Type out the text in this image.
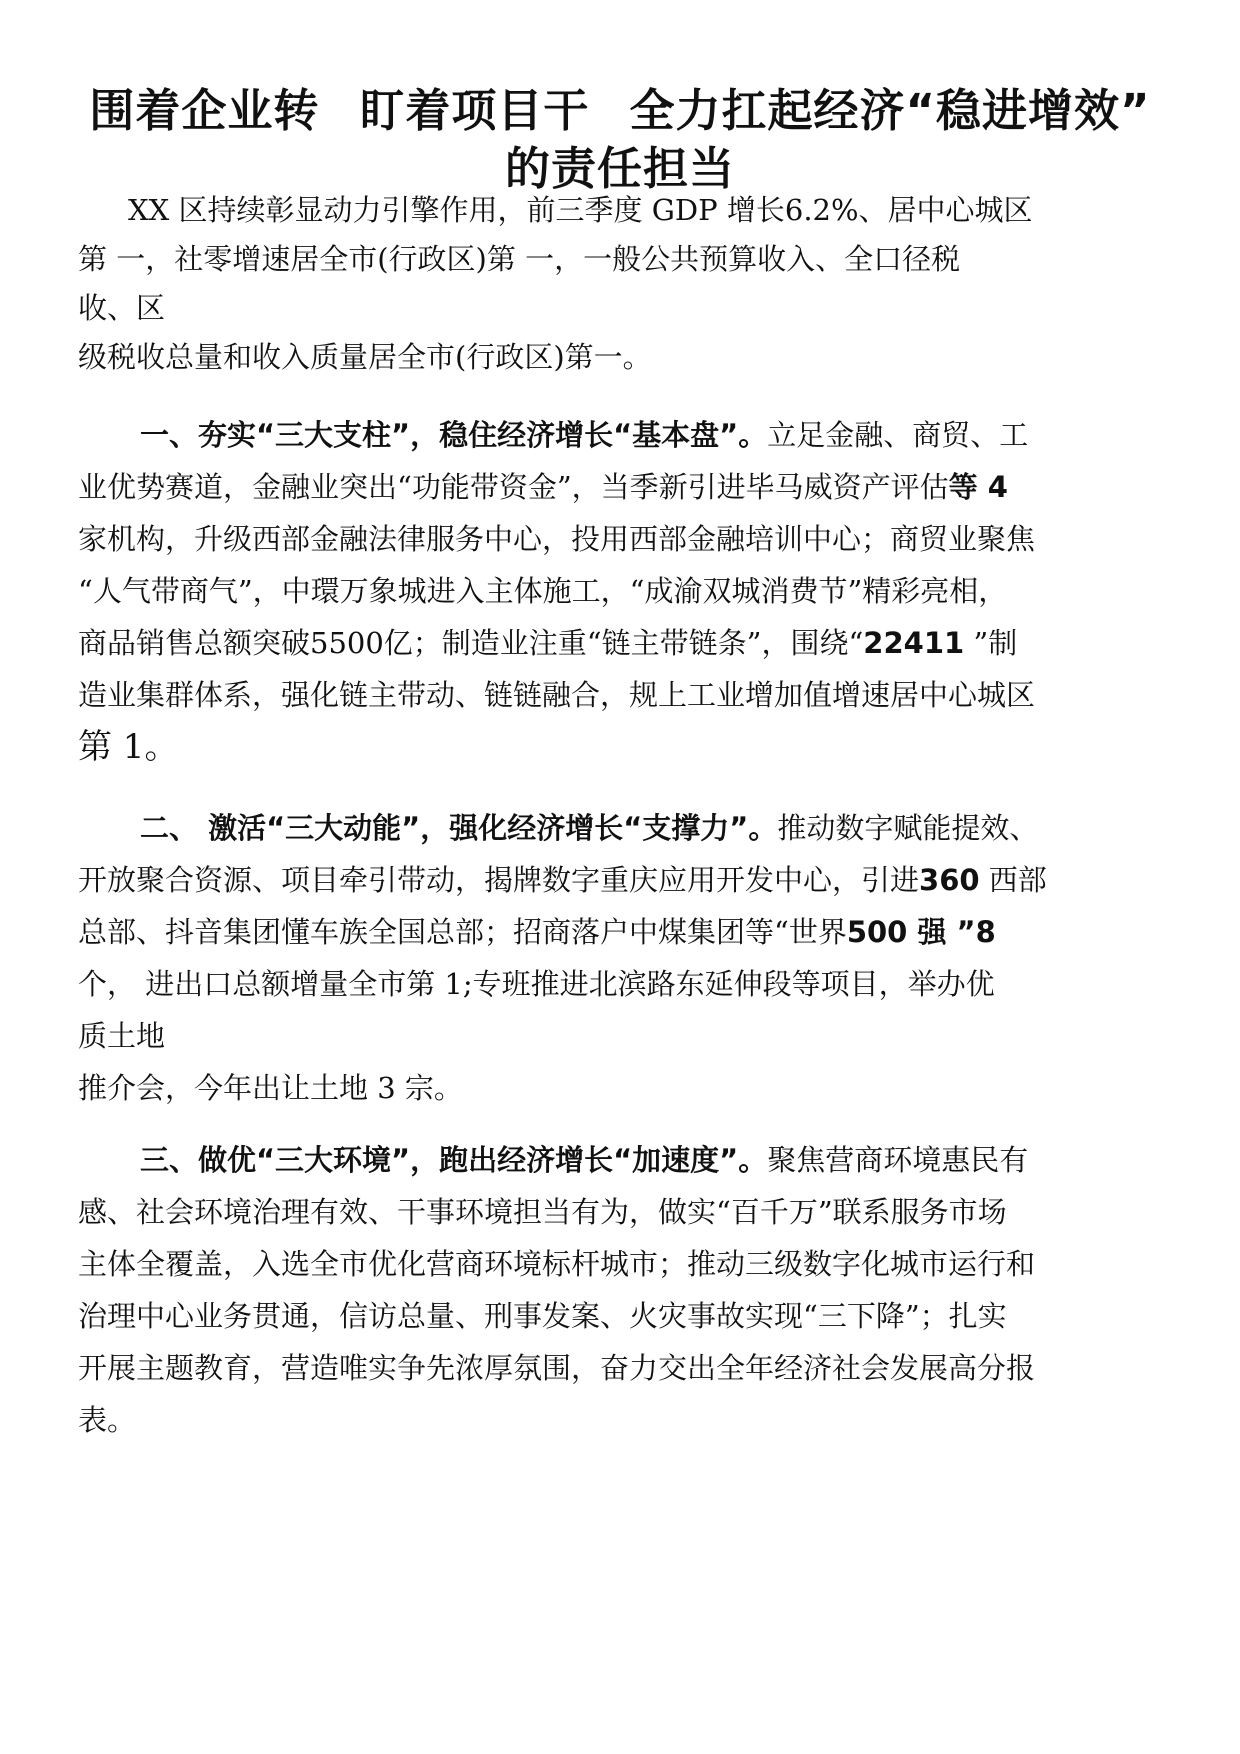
围着企业转 盯着项目干 全力扛起经济“稳进增效”
的责任担当

XX 区持续彰显动力引擎作用，前三季度 GDP 增长6.2%、居中心城区

第 一，社零增速居全市(行政区)第 一，一般公共预算收入、全口径税

收、区

级税收总量和收入质量居全市(行政区)第一。

一、夯实“三大支柱”，稳住经济增长“基本盘”。立足金融、商贸、工

业优势赛道，金融业突出“功能带资金”，当季新引进毕马威资产评估等 4

家机构，升级西部金融法律服务中心，投用西部金融培训中心；商贸业聚焦

“人气带商气”，中環万象城进入主体施工，“成渝双城消费节”精彩亮相，

商品销售总额突破5500亿；制造业注重“链主带链条”，围绕“22411 ”制

造业集群体系，强化链主带动、链链融合，规上工业增加值增速居中心城区

第 1。

二、 激活“三大动能”，强化经济增长“支撑力”。推动数字赋能提效、

开放聚合资源、项目牵引带动，揭牌数字重庆应用开发中心，引进360 西部

总部、抖音集团懂车族全国总部；招商落户中煤集团等“世界500 强 ”8

个， 进出口总额增量全市第 1;专班推进北滨路东延伸段等项目，举办优

质土地

推介会，今年出让土地 3 宗。

三、做优“三大环境”，跑出经济增长“加速度”。聚焦营商环境惠民有

感、社会环境治理有效、干事环境担当有为，做实“百千万”联系服务市场

主体全覆盖，入选全市优化营商环境标杆城市；推动三级数字化城市运行和

治理中心业务贯通，信访总量、刑事发案、火灾事故实现“三下降”；扎实

开展主题教育，营造唯实争先浓厚氛围，奋力交出全年经济社会发展高分报

表。
